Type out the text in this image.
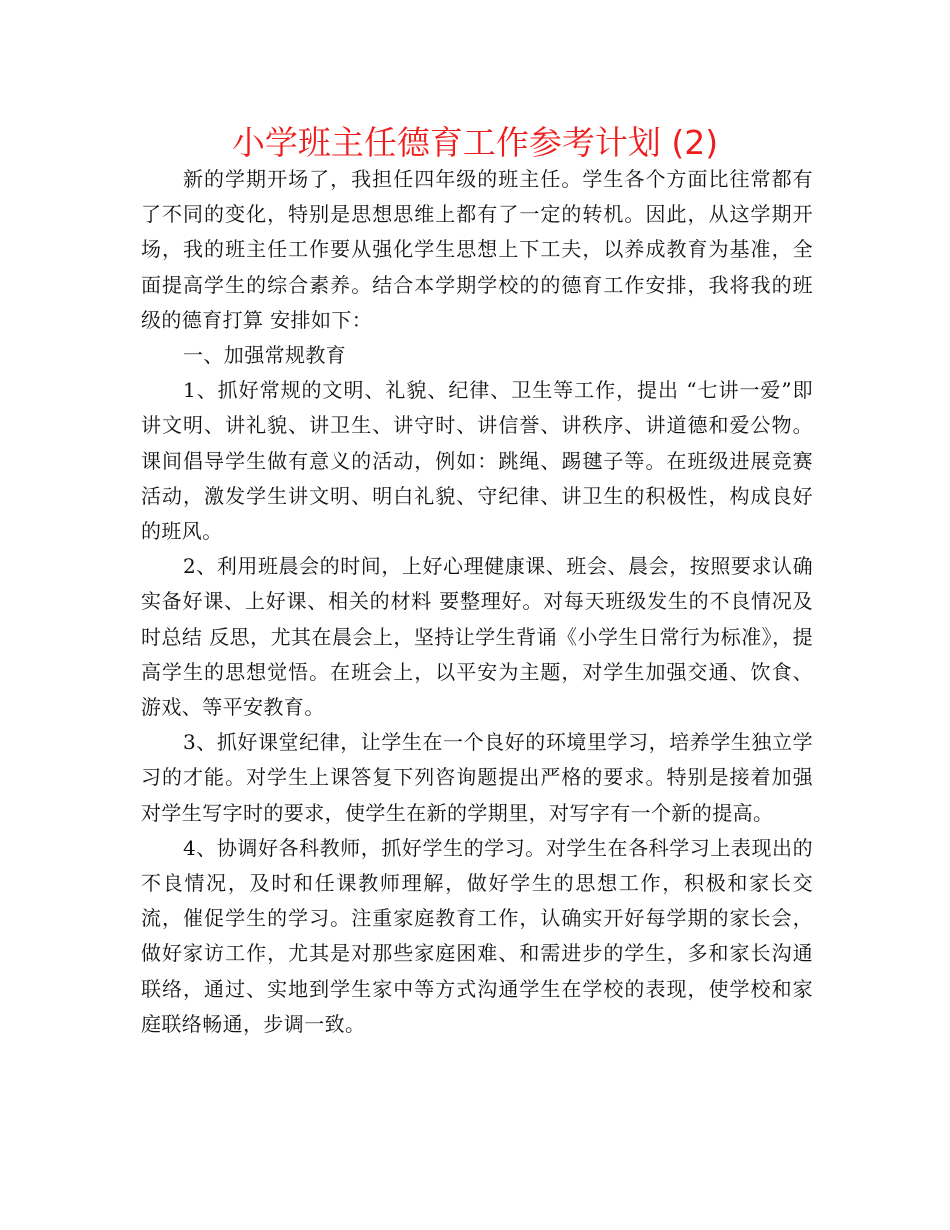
小学班主任德育工作参考计划 (2)

新的学期开场了，我担任四年级的班主任。学生各个方面比往常都有了不同的变化，特别是思想思维上都有了一定的转机。因此，从这学期开场，我的班主任工作要从强化学生思想上下工夫，以养成教育为基准，全面提高学生的综合素养。结合本学期学校的的德育工作安排，我将我的班级的德育打算 安排如下：

一、加强常规教育

1、抓好常规的文明、礼貌、纪律、卫生等工作，提出 “七讲一爱”即讲文明、讲礼貌、讲卫生、讲守时、讲信誉、讲秩序、讲道德和爱公物。课间倡导学生做有意义的活动，例如：跳绳、踢毽子等。在班级进展竞赛活动，激发学生讲文明、明白礼貌、守纪律、讲卫生的积极性，构成良好的班风。

2、利用班晨会的时间，上好心理健康课、班会、晨会，按照要求认确实备好课、上好课、相关的材料 要整理好。对每天班级发生的不良情况及时总结 反思，尤其在晨会上，坚持让学生背诵《小学生日常行为标准》，提高学生的思想觉悟。在班会上，以平安为主题，对学生加强交通、饮食、游戏、等平安教育。

3、抓好课堂纪律，让学生在一个良好的环境里学习，培养学生独立学习的才能。对学生上课答复下列咨询题提出严格的要求。特别是接着加强对学生写字时的要求，使学生在新的学期里，对写字有一个新的提高。

4、协调好各科教师，抓好学生的学习。对学生在各科学习上表现出的不良情况，及时和任课教师理解，做好学生的思想工作，积极和家长交流，催促学生的学习。注重家庭教育工作，认确实开好每学期的家长会，做好家访工作，尤其是对那些家庭困难、和需进步的学生，多和家长沟通联络，通过、实地到学生家中等方式沟通学生在学校的表现，使学校和家庭联络畅通，步调一致。
